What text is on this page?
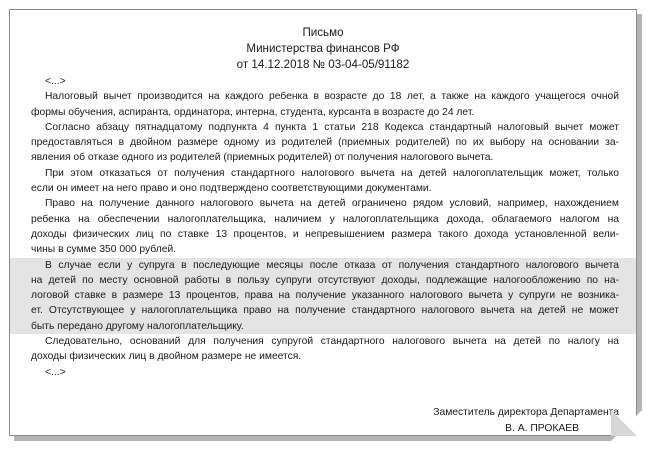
Письмо
Министерства финансов РФ
от 14.12.2018 № 03-04-05/91182
<...>
Налоговый вычет производится на каждого ребенка в возрасте до 18 лет, а также на каждого учащегося очной
формы обучения, аспиранта, ординатора, интерна, студента, курсанта в возрасте до 24 лет.
Согласно абзацу пятнадцатому подпункта 4 пункта 1 статьи 218 Кодекса стандартный налоговый вычет может
предоставляться в двойном размере одному из родителей (приемных родителей) по их выбору на основании за-
явления об отказе одного из родителей (приемных родителей) от получения налогового вычета.
При этом отказаться от получения стандартного налогового вычета на детей налогоплательщик может, только
если он имеет на него право и оно подтверждено соответствующими документами.
Право на получение данного налогового вычета на детей ограничено рядом условий, например, нахождением
ребенка на обеспечении налогоплательщика, наличием у налогоплательщика дохода, облагаемого налогом на
доходы физических лиц по ставке 13 процентов, и непревышением размера такого дохода установленной вели-
чины в сумме 350 000 рублей.
В случае если у супруга в последующие месяцы после отказа от получения стандартного налогового вычета
на детей по месту основной работы в пользу супруги отсутствуют доходы, подлежащие налогообложению по на-
логовой ставке в размере 13 процентов, права на получение указанного налогового вычета у супруги не возника-
ет. Отсутствующее у налогоплательщика право на получение стандартного налогового вычета на детей не может
быть передано другому налогоплательщику.
Следовательно, оснований для получения супругой стандартного налогового вычета на детей по налогу на
доходы физических лиц в двойном размере не имеется.
<...>
Заместитель директора Департамента
В. А. ПРОКАЕВ
